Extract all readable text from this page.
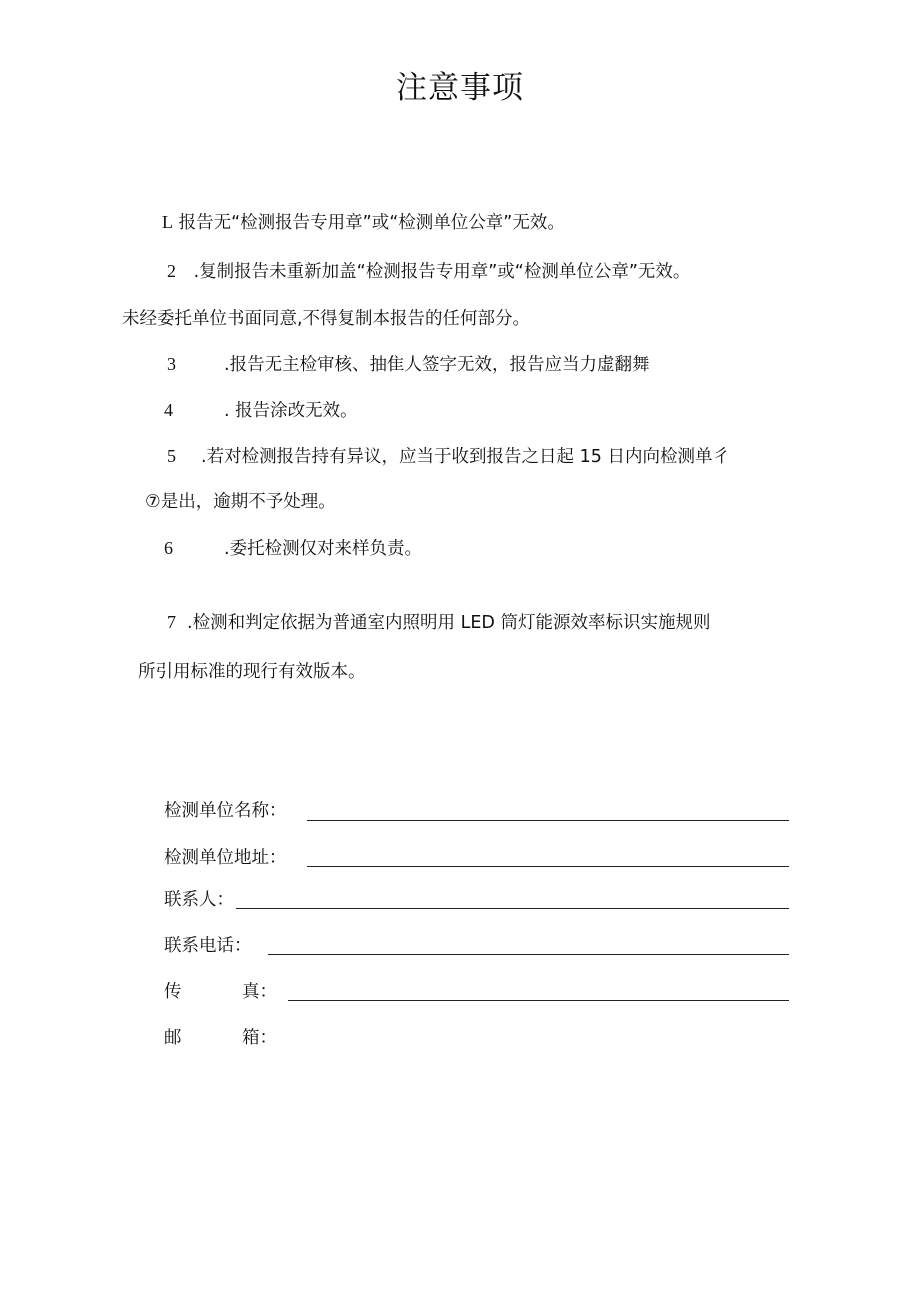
注意事项
L 报告无“检测报告专用章”或“检测单位公章”无效。
2 .复制报告未重新加盖“检测报告专用章”或“检测单位公章”无效。
未经委托单位书面同意,不得复制本报告的任何部分。
3	.报告无主检审核、抽隹人签字无效，报告应当力虚翻舞
4	. 报告涂改无效。
5 .若对检测报告持有异议，应当于收到报告之日起 15 日内向检测单彳
⑦是出，逾期不予处理。
6	.委托检测仅对来样负责。
7 .检测和判定依据为普通室内照明用 LED 筒灯能源效率标识实施规则
所引用标准的现行有效版本。
检测单位名称：
检测单位地址：
联系人：
联系电话：
传	真：
邮	箱：
